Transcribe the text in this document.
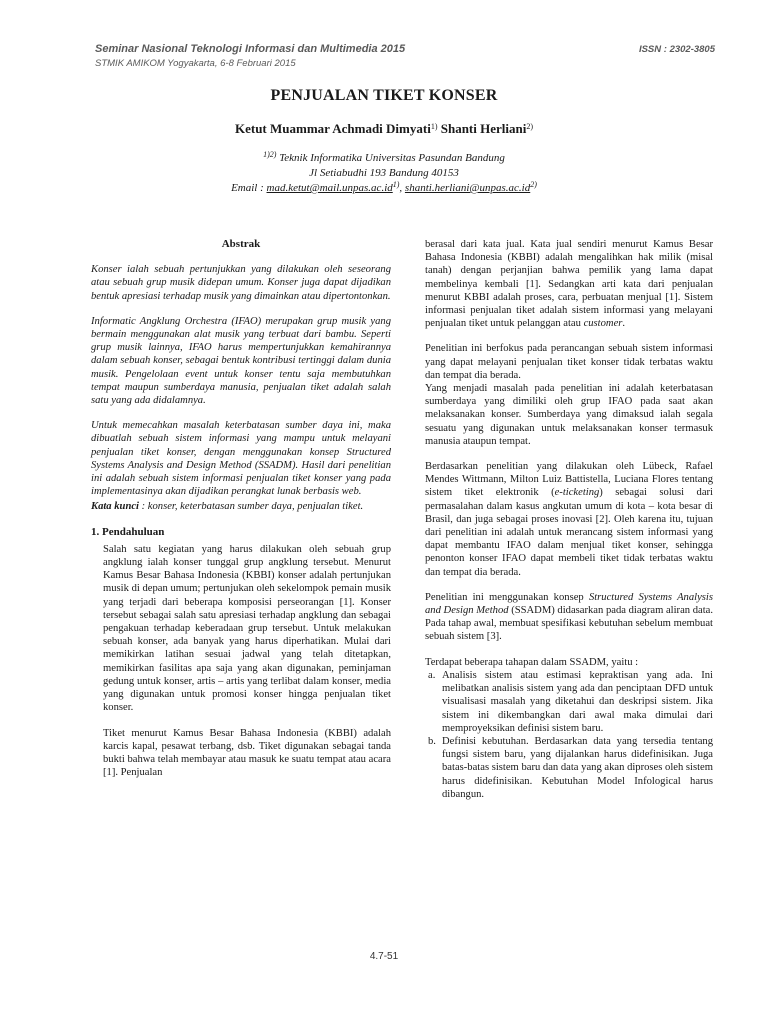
Seminar Nasional Teknologi Informasi dan Multimedia 2015	ISSN : 2302-3805
STMIK AMIKOM Yogyakarta, 6-8 Februari 2015
PENJUALAN TIKET KONSER
Ketut Muammar Achmadi Dimyati$^{1)}$ Shanti Herliani$^{2)}$
$^{1)2)}$ Teknik Informatika Universitas Pasundan Bandung
Jl Setiabudhi 193 Bandung 40153
Email : $mad.ketut@mail.unpas.ac.id^{1)}$, $shanti.herliani@unpas.ac.id^{2)}$
Abstrak

Konser ialah sebuah pertunjukkan yang dilakukan oleh seseorang atau sebuah grup musik didepan umum. Konser juga dapat dijadikan bentuk apresiasi terhadap musik yang dimainkan atau dipertontonkan.

Informatic Angklung Orchestra (IFAO) merupakan grup musik yang bermain menggunakan alat musik yang terbuat dari bambu. Seperti grup musik lainnya, IFAO harus mempertunjukkan kemahirannya dalam sebuah konser, sebagai bentuk kontribusi tertinggi dalam dunia musik. Pengelolaan event untuk konser tentu saja membutuhkan tempat maupun sumberdaya manusia, penjualan tiket adalah salah satu yang ada didalamnya.

Untuk memecahkan masalah keterbatasan sumber daya ini, maka dibuatlah sebuah sistem informasi yang mampu untuk melayani penjualan tiket konser, dengan menggunakan konsep Structured Systems Analysis and Design Method (SSADM). Hasil dari penelitian ini adalah sebuah sistem informasi penjualan tiket konser yang pada implementasinya akan dijadikan perangkat lunak berbasis web.

Kata kunci : konser, keterbatasan sumber daya, penjualan tiket.

1. Pendahuluan

Salah satu kegiatan yang harus dilakukan oleh sebuah grup angklung ialah konser tunggal grup angklung tersebut. Menurut Kamus Besar Bahasa Indonesia (KBBI) konser adalah pertunjukan musik di depan umum; pertunjukan oleh sekelompok pemain musik yang terjadi dari beberapa komposisi perseorangan [1]. Konser tersebut sebagai salah satu apresiasi terhadap angklung dan sebagai pengakuan terhadap keberadaan grup tersebut. Untuk melakukan sebuah konser, ada banyak yang harus diperhatikan. Mulai dari memikirkan latihan sesuai jadwal yang telah ditetapkan, memikirkan fasilitas apa saja yang akan digunakan, peminjaman gedung untuk konser, artis – artis yang terlibat dalam konser, media yang digunakan untuk promosi konser hingga penjualan tiket konser.

Tiket menurut Kamus Besar Bahasa Indonesia (KBBI) adalah karcis kapal, pesawat terbang, dsb. Tiket digunakan sebagai tanda bukti bahwa telah membayar atau masuk ke suatu tempat atau acara [1]. Penjualan

berasal dari kata jual. Kata jual sendiri menurut Kamus Besar Bahasa Indonesia (KBBI) adalah mengalihkan hak milik (misal tanah) dengan perjanjian bahwa pemilik yang lama dapat membelinya kembali [1]. Sedangkan arti kata dari penjualan menurut KBBI adalah proses, cara, perbuatan menjual [1]. Sistem informasi penjualan tiket adalah sistem informasi yang melayani penjualan tiket untuk pelanggan atau customer.

Penelitian ini berfokus pada perancangan sebuah sistem informasi yang dapat melayani penjualan tiket konser tidak terbatas waktu dan tempat dia berada.

Yang menjadi masalah pada penelitian ini adalah keterbatasan sumberdaya yang dimiliki oleh grup IFAO pada saat akan melaksanakan konser. Sumberdaya yang dimaksud ialah segala sesuatu yang digunakan untuk melaksanakan konser termasuk manusia ataupun tempat.

Berdasarkan penelitian yang dilakukan oleh Lübeck, Rafael Mendes Wittmann, Milton Luiz Battistella, Luciana Flores tentang sistem tiket elektronik (e-ticketing) sebagai solusi dari permasalahan dalam kasus angkutan umum di kota – kota besar di Brasil, dan juga sebagai proses inovasi [2]. Oleh karena itu, tujuan dari penelitian ini adalah untuk merancang sistem informasi yang dapat membantu IFAO dalam menjual tiket konser, sehingga penonton konser IFAO dapat membeli tiket tidak terbatas waktu dan tempat dia berada.

Penelitian ini menggunakan konsep Structured Systems Analysis and Design Method (SSADM) didasarkan pada diagram aliran data. Pada tahap awal, membuat spesifikasi kebutuhan sebelum membuat sebuah sistem [3].

Terdapat beberapa tahapan dalam SSADM, yaitu :

a. Analisis sistem atau estimasi kepraktisan yang ada. Ini melibatkan analisis sistem yang ada dan penciptaan DFD untuk visualisasi masalah yang diketahui dan deskripsi sistem. Jika sistem ini dikembangkan dari awal maka dimulai dari memproyeksikan definisi sistem baru.
b. Definisi kebutuhan. Berdasarkan data yang tersedia tentang fungsi sistem baru, yang dijalankan harus didefinisikan. Juga batas-batas sistem baru dan data yang akan diproses oleh sistem harus didefinisikan. Kebutuhan Model Infological harus dibangun.
4.7-51
